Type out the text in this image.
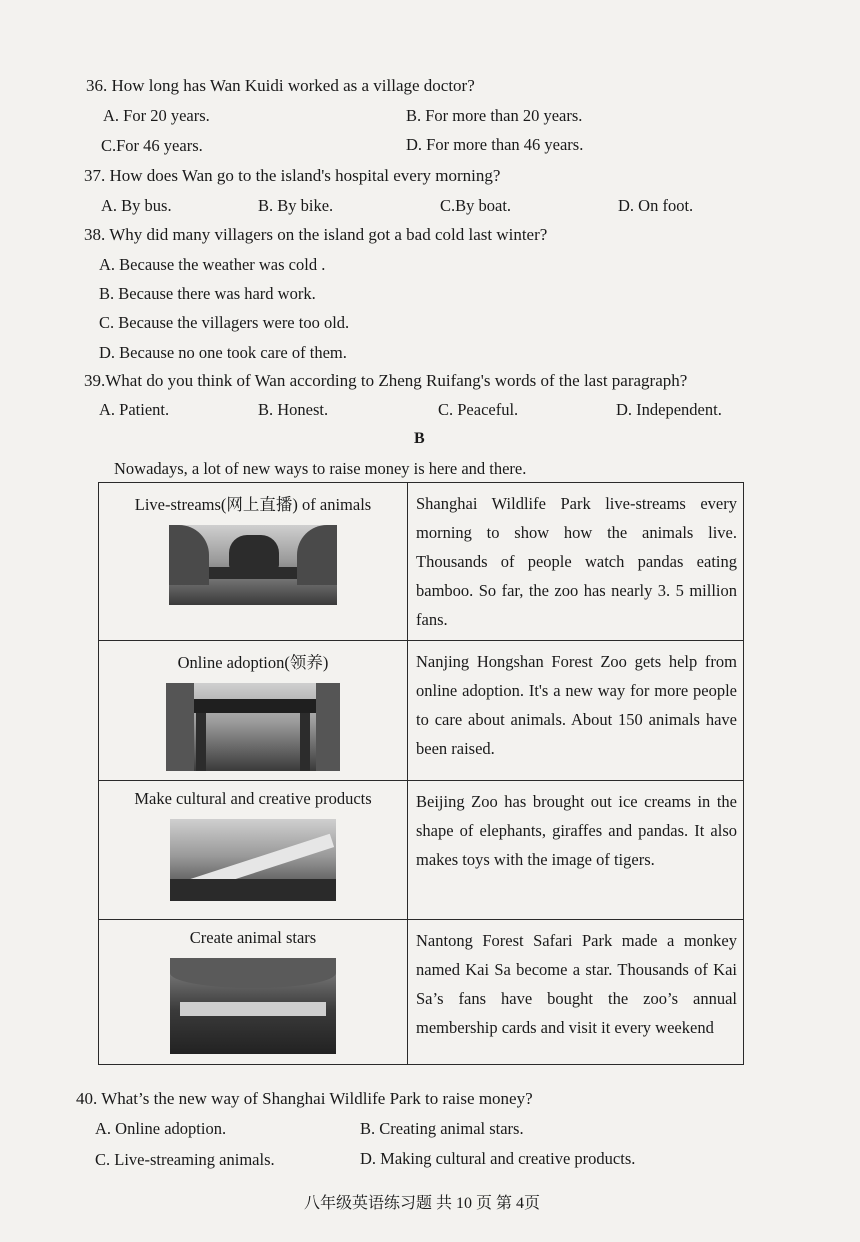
36. How long has Wan Kuidi worked as a village doctor?
A. For 20 years.	B. For more than 20 years.
C.For 46 years.	D. For more than 46 years.
37. How does Wan go to the island's hospital every morning?
A. By bus.	B. By bike.	C.By boat.	D. On foot.
38. Why did many villagers on the island got a bad cold last winter?
A. Because the weather was cold .
B. Because there was hard work.
C. Because the villagers were too old.
D. Because no one took care of them.
39.What do you think of Wan according to Zheng Ruifang's words of the last paragraph?
A. Patient.	B. Honest.	C. Peaceful.	D. Independent.
B
Nowadays, a lot of new ways to raise money is here and there.
Live-streams(网上直播) of animals	Shanghai Wildlife Park live-streams every morning to show how the animals live. Thousands of people watch pandas eating bamboo. So far, the zoo has nearly 3. 5 million fans.

Online adoption(领养)	Nanjing Hongshan Forest Zoo gets help from online adoption. It's a new way for more people to care about animals. About 150 animals have been raised.

Make cultural and creative products	Beijing Zoo has brought out ice creams in the shape of elephants, giraffes and pandas. It also makes toys with the image of tigers.

Create animal stars	Nantong Forest Safari Park made a monkey named Kai Sa become a star. Thousands of Kai Sa’s fans have bought the zoo’s annual membership cards and visit it every weekend
40. What’s the new way of Shanghai Wildlife Park to raise money?
A. Online adoption.	B. Creating animal stars.
C. Live-streaming animals.	D. Making cultural and creative products.
八年级英语练习题 共 10 页 第 4页
